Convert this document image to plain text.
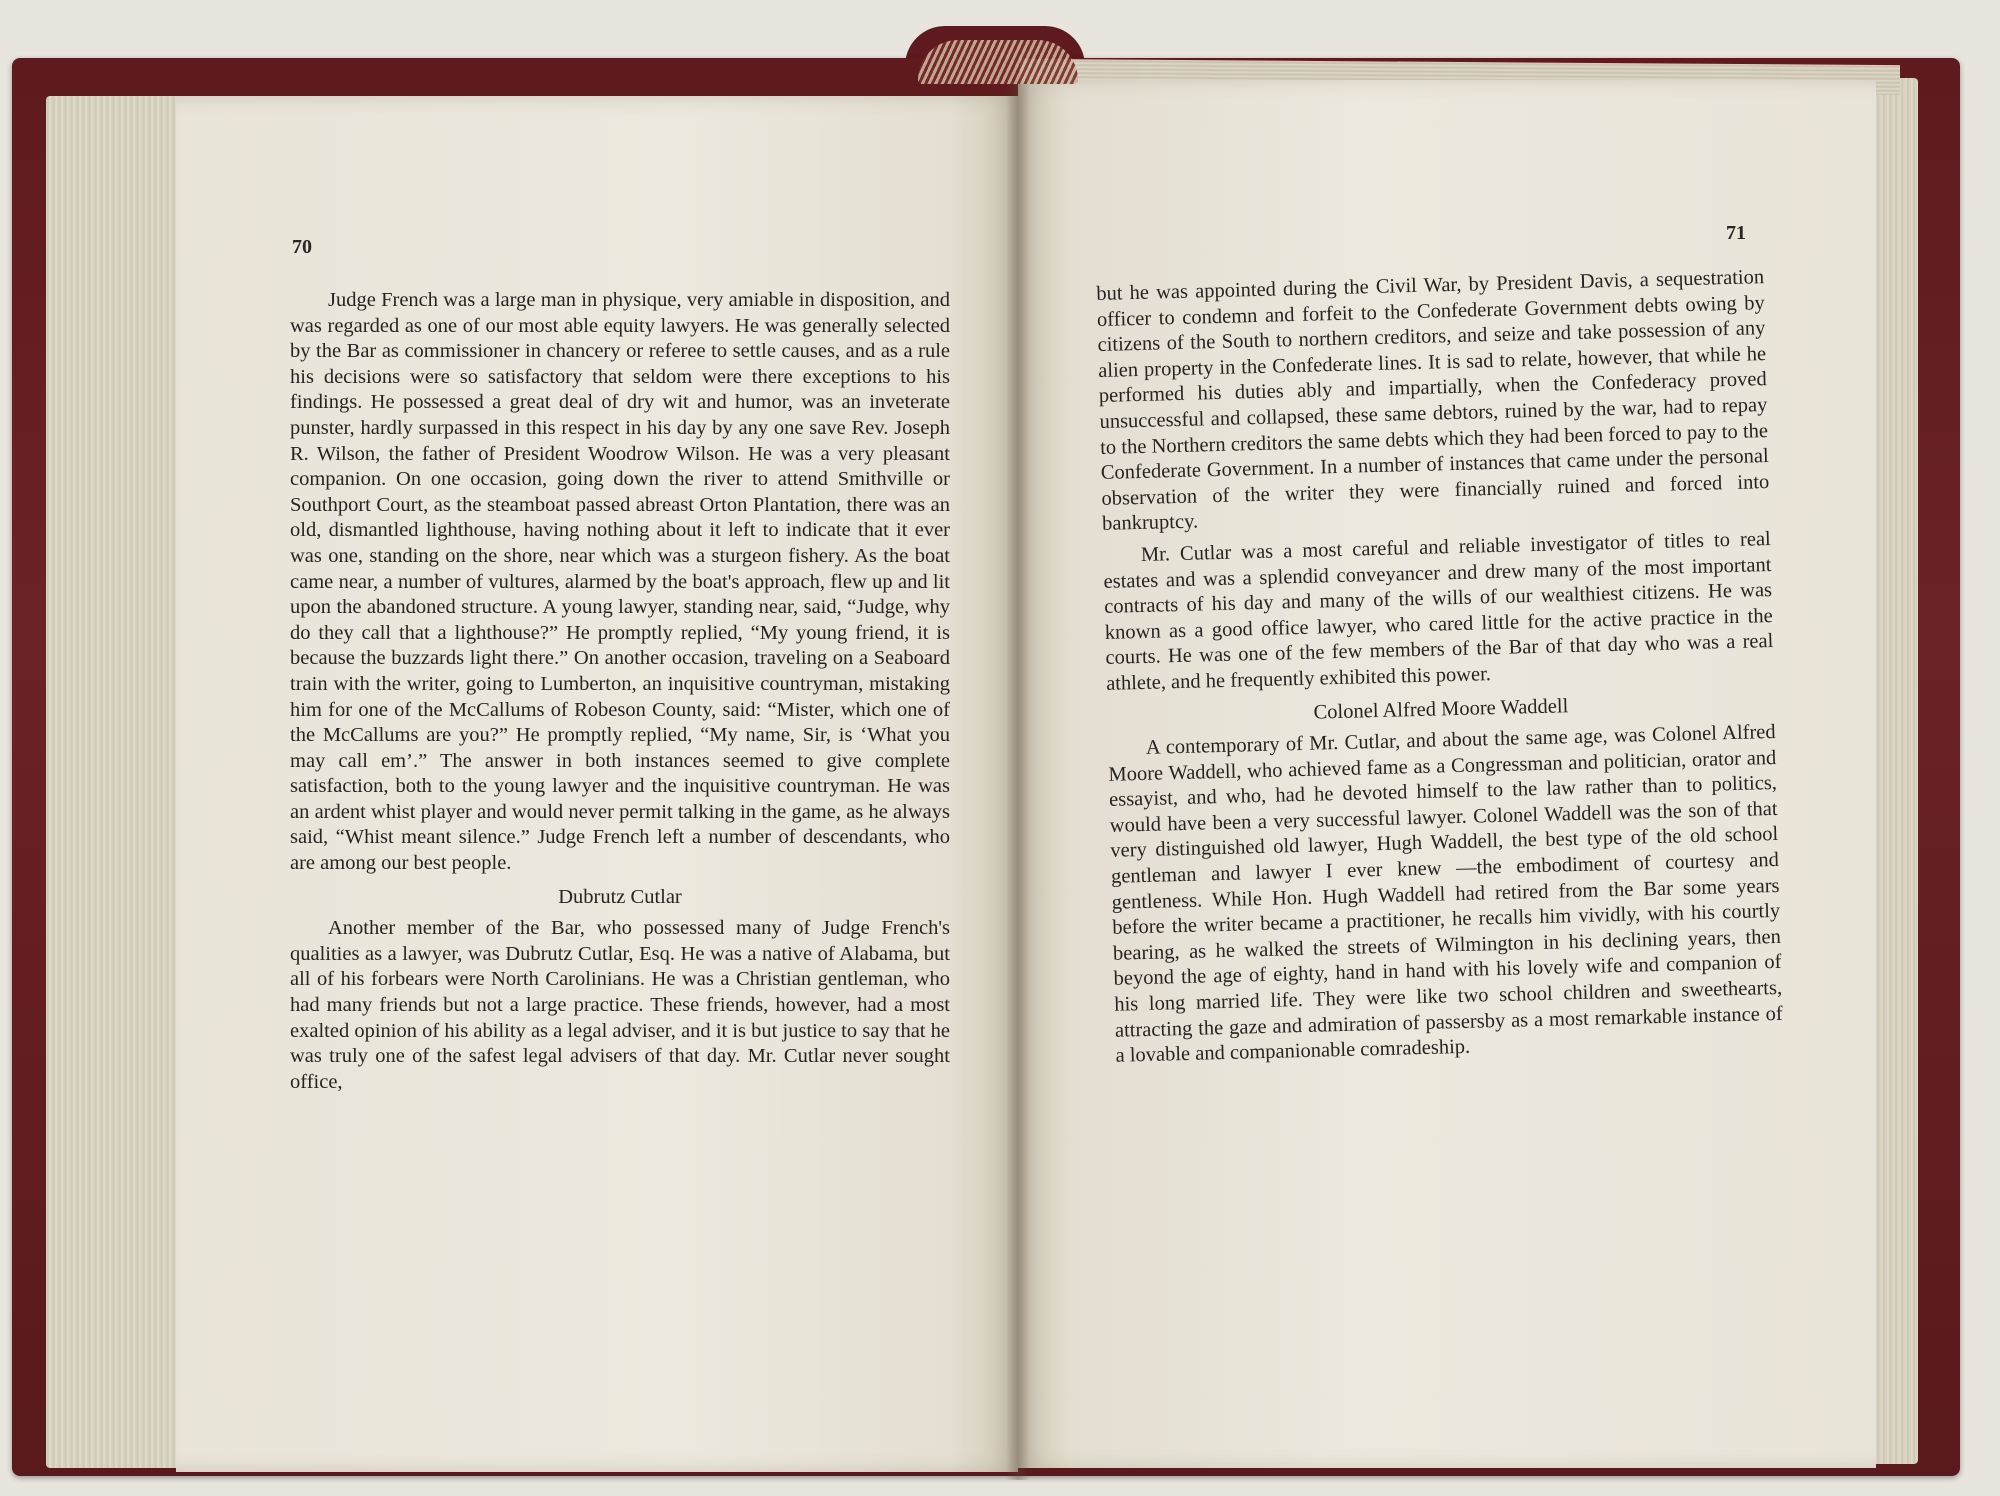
70

Judge French was a large man in physique, very amiable in disposition, and was regarded as one of our most able equity lawyers. He was generally selected by the Bar as commissioner in chancery or referee to settle causes, and as a rule his decisions were so satisfactory that seldom were there exceptions to his findings. He possessed a great deal of dry wit and humor, was an inveterate punster, hardly surpassed in this respect in his day by any one save Rev. Joseph R. Wilson, the father of President Woodrow Wilson. He was a very pleasant companion. On one occasion, going down the river to attend Smithville or Southport Court, as the steamboat passed abreast Orton Plantation, there was an old, dismantled lighthouse, having nothing about it left to indicate that it ever was one, standing on the shore, near which was a sturgeon fishery. As the boat came near, a number of vultures, alarmed by the boat's approach, flew up and lit upon the abandoned structure. A young lawyer, standing near, said, “Judge, why do they call that a lighthouse?” He promptly replied, “My young friend, it is because the buzzards light there.” On another occasion, traveling on a Seaboard train with the writer, going to Lumberton, an inquisitive countryman, mistaking him for one of the McCallums of Robeson County, said: “Mister, which one of the McCallums are you?” He promptly replied, “My name, Sir, is ‘What you may call em’.” The answer in both instances seemed to give complete satisfaction, both to the young lawyer and the inquisitive countryman. He was an ardent whist player and would never permit talking in the game, as he always said, “Whist meant silence.” Judge French left a number of descendants, who are among our best people.

Dubrutz Cutlar

Another member of the Bar, who possessed many of Judge French's qualities as a lawyer, was Dubrutz Cutlar, Esq. He was a native of Alabama, but all of his forbears were North Carolinians. He was a Christian gentleman, who had many friends but not a large practice. These friends, however, had a most exalted opinion of his ability as a legal adviser, and it is but justice to say that he was truly one of the safest legal advisers of that day. Mr. Cutlar never sought office,

71

but he was appointed during the Civil War, by President Davis, a sequestration officer to condemn and forfeit to the Confederate Government debts owing by citizens of the South to northern creditors, and seize and take possession of any alien property in the Confederate lines. It is sad to relate, however, that while he performed his duties ably and impartially, when the Confederacy proved unsuccessful and collapsed, these same debtors, ruined by the war, had to repay to the Northern creditors the same debts which they had been forced to pay to the Confederate Government. In a number of instances that came under the personal observation of the writer they were financially ruined and forced into bankruptcy.

Mr. Cutlar was a most careful and reliable investigator of titles to real estates and was a splendid conveyancer and drew many of the most important contracts of his day and many of the wills of our wealthiest citizens. He was known as a good office lawyer, who cared little for the active practice in the courts. He was one of the few members of the Bar of that day who was a real athlete, and he frequently exhibited this power.

Colonel Alfred Moore Waddell

A contemporary of Mr. Cutlar, and about the same age, was Colonel Alfred Moore Waddell, who achieved fame as a Congressman and politician, orator and essayist, and who, had he devoted himself to the law rather than to politics, would have been a very successful lawyer. Colonel Waddell was the son of that very distinguished old lawyer, Hugh Waddell, the best type of the old school gentleman and lawyer I ever knew —the embodiment of courtesy and gentleness. While Hon. Hugh Waddell had retired from the Bar some years before the writer became a practitioner, he recalls him vividly, with his courtly bearing, as he walked the streets of Wilmington in his declining years, then beyond the age of eighty, hand in hand with his lovely wife and companion of his long married life. They were like two school children and sweethearts, attracting the gaze and admiration of passersby as a most remarkable instance of a lovable and companionable comradeship.
